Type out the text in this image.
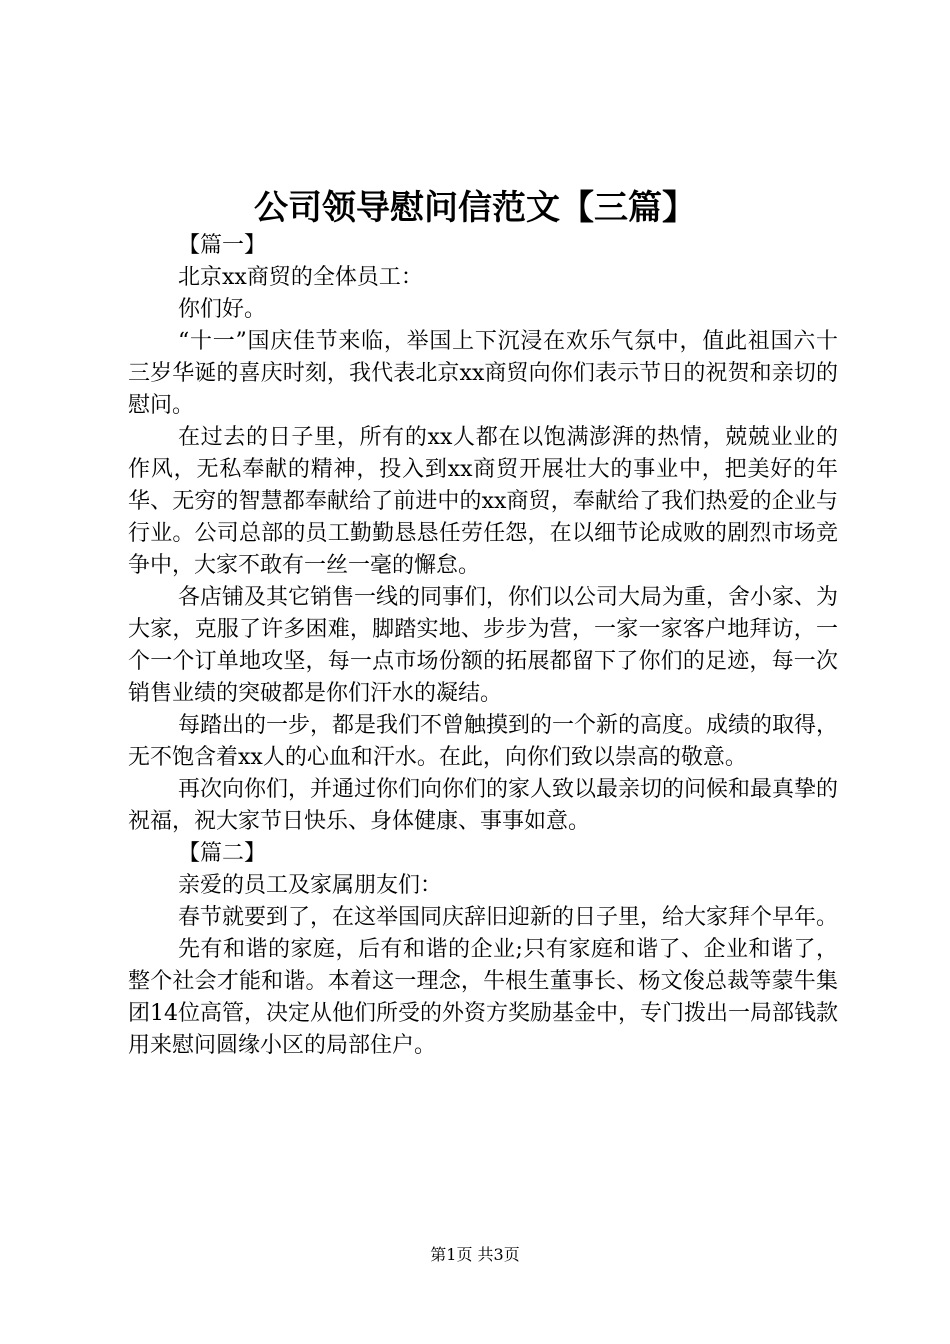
公司领导慰问信范文【三篇】

【篇一】

北京xx商贸的全体员工：

你们好。

“十一”国庆佳节来临，举国上下沉浸在欢乐气氛中，值此祖国六十三岁华诞的喜庆时刻，我代表北京xx商贸向你们表示节日的祝贺和亲切的慰问。

在过去的日子里，所有的xx人都在以饱满澎湃的热情，兢兢业业的作风，无私奉献的精神，投入到xx商贸开展壮大的事业中，把美好的年华、无穷的智慧都奉献给了前进中的xx商贸，奉献给了我们热爱的企业与行业。公司总部的员工勤勤恳恳任劳任怨，在以细节论成败的剧烈市场竞争中，大家不敢有一丝一毫的懈怠。

各店铺及其它销售一线的同事们，你们以公司大局为重，舍小家、为大家，克服了许多困难，脚踏实地、步步为营，一家一家客户地拜访，一个一个订单地攻坚，每一点市场份额的拓展都留下了你们的足迹，每一次销售业绩的突破都是你们汗水的凝结。

每踏出的一步，都是我们不曾触摸到的一个新的高度。成绩的取得，无不饱含着xx人的心血和汗水。在此，向你们致以崇高的敬意。

再次向你们，并通过你们向你们的家人致以最亲切的问候和最真挚的祝福，祝大家节日快乐、身体健康、事事如意。

【篇二】

亲爱的员工及家属朋友们：

春节就要到了，在这举国同庆辞旧迎新的日子里，给大家拜个早年。

先有和谐的家庭，后有和谐的企业;只有家庭和谐了、企业和谐了，整个社会才能和谐。本着这一理念，牛根生董事长、杨文俊总裁等蒙牛集团14位高管，决定从他们所受的外资方奖励基金中，专门拨出一局部钱款用来慰问圆缘小区的局部住户。

第1页 共3页
